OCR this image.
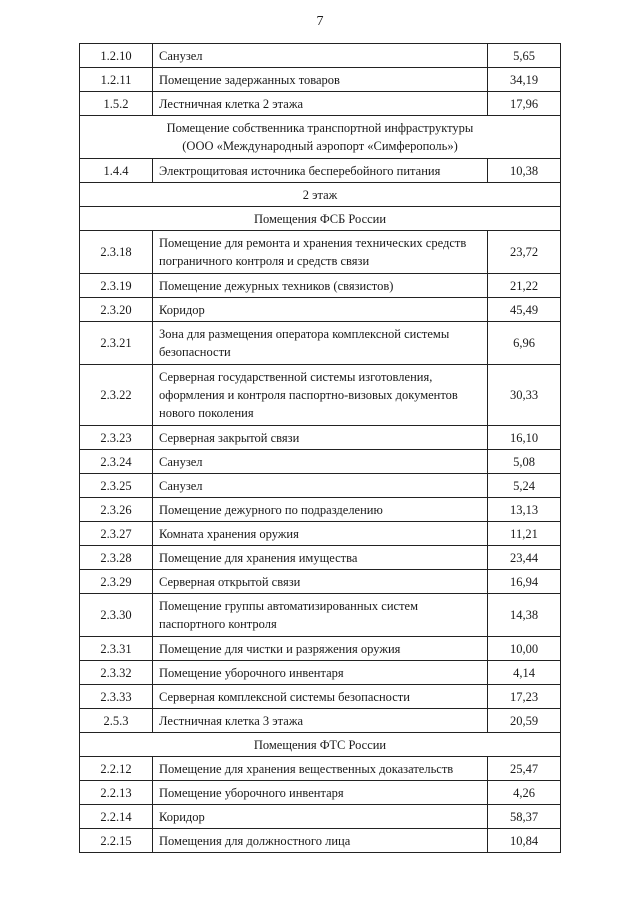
7
1.2.10	Санузел	5,65
1.2.11	Помещение задержанных товаров	34,19
1.5.2	Лестничная клетка 2 этажа	17,96

Помещение собственника транспортной инфраструктуры
(ООО «Международный аэропорт «Симферополь»)		

1.4.4	Электрощитовая источника бесперебойного питания	10,38
2 этаж		
Помещения ФСБ России		
2.3.18	Помещение для ремонта и хранения технических средств пограничного контроля и средств связи	23,72
2.3.19	Помещение дежурных техников (связистов)	21,22
2.3.20	Коридор	45,49
2.3.21	Зона для размещения оператора комплексной системы безопасности	6,96
2.3.22	Серверная государственной системы изготовления, оформления и контроля паспортно-визовых документов нового поколения	30,33
2.3.23	Серверная закрытой связи	16,10
2.3.24	Санузел	5,08
2.3.25	Санузел	5,24
2.3.26	Помещение дежурного по подразделению	13,13
2.3.27	Комната хранения оружия	11,21
2.3.28	Помещение для хранения имущества	23,44
2.3.29	Серверная открытой связи	16,94
2.3.30	Помещение группы автоматизированных систем паспортного контроля	14,38
2.3.31	Помещение для чистки и разряжения оружия	10,00
2.3.32	Помещение уборочного инвентаря	4,14
2.3.33	Серверная комплексной системы безопасности	17,23
2.5.3	Лестничная клетка 3 этажа	20,59
Помещения ФТС России		
2.2.12	Помещение для хранения вещественных доказательств	25,47
2.2.13	Помещение уборочного инвентаря	4,26
2.2.14	Коридор	58,37
2.2.15	Помещения для должностного лица	10,84
